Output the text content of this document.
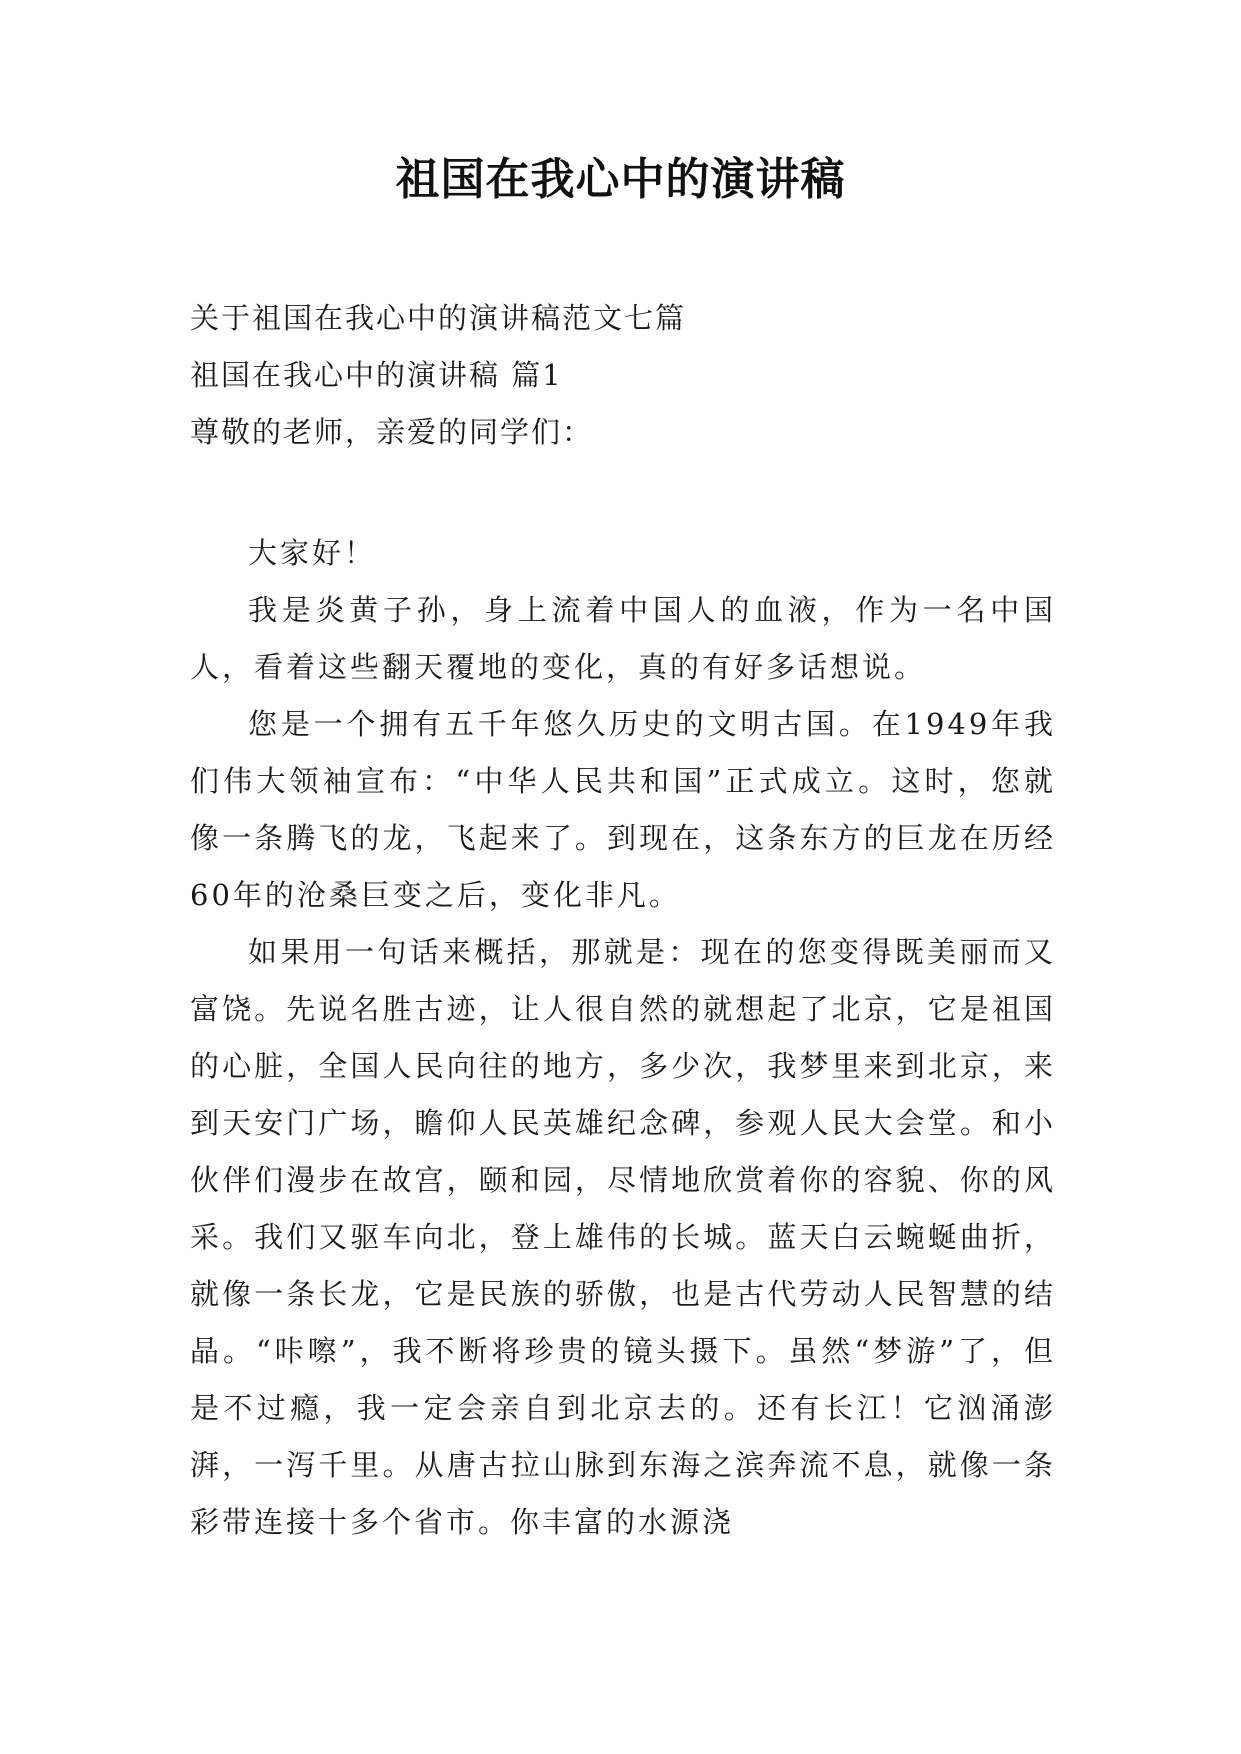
祖国在我心中的演讲稿
关于祖国在我心中的演讲稿范文七篇
祖国在我心中的演讲稿 篇1
尊敬的老师，亲爱的同学们：

大家好！

我是炎黄子孙，身上流着中国人的血液，作为一名中国人，看着这些翻天覆地的变化，真的有好多话想说。

您是一个拥有五千年悠久历史的文明古国。在1949年我们伟大领袖宣布：“中华人民共和国”正式成立。这时，您就像一条腾飞的龙，飞起来了。到现在，这条东方的巨龙在历经60年的沧桑巨变之后，变化非凡。

如果用一句话来概括，那就是：现在的您变得既美丽而又富饶。先说名胜古迹，让人很自然的就想起了北京，它是祖国的心脏，全国人民向往的地方，多少次，我梦里来到北京，来到天安门广场，瞻仰人民英雄纪念碑，参观人民大会堂。和小伙伴们漫步在故宫，颐和园，尽情地欣赏着你的容貌、你的风采。我们又驱车向北，登上雄伟的长城。蓝天白云蜿蜒曲折，就像一条长龙，它是民族的骄傲，也是古代劳动人民智慧的结晶。“咔嚓”，我不断将珍贵的镜头摄下。虽然“梦游”了，但是不过瘾，我一定会亲自到北京去的。还有长江！它汹涌澎湃，一泻千里。从唐古拉山脉到东海之滨奔流不息，就像一条彩带连接十多个省市。你丰富的水源浇
